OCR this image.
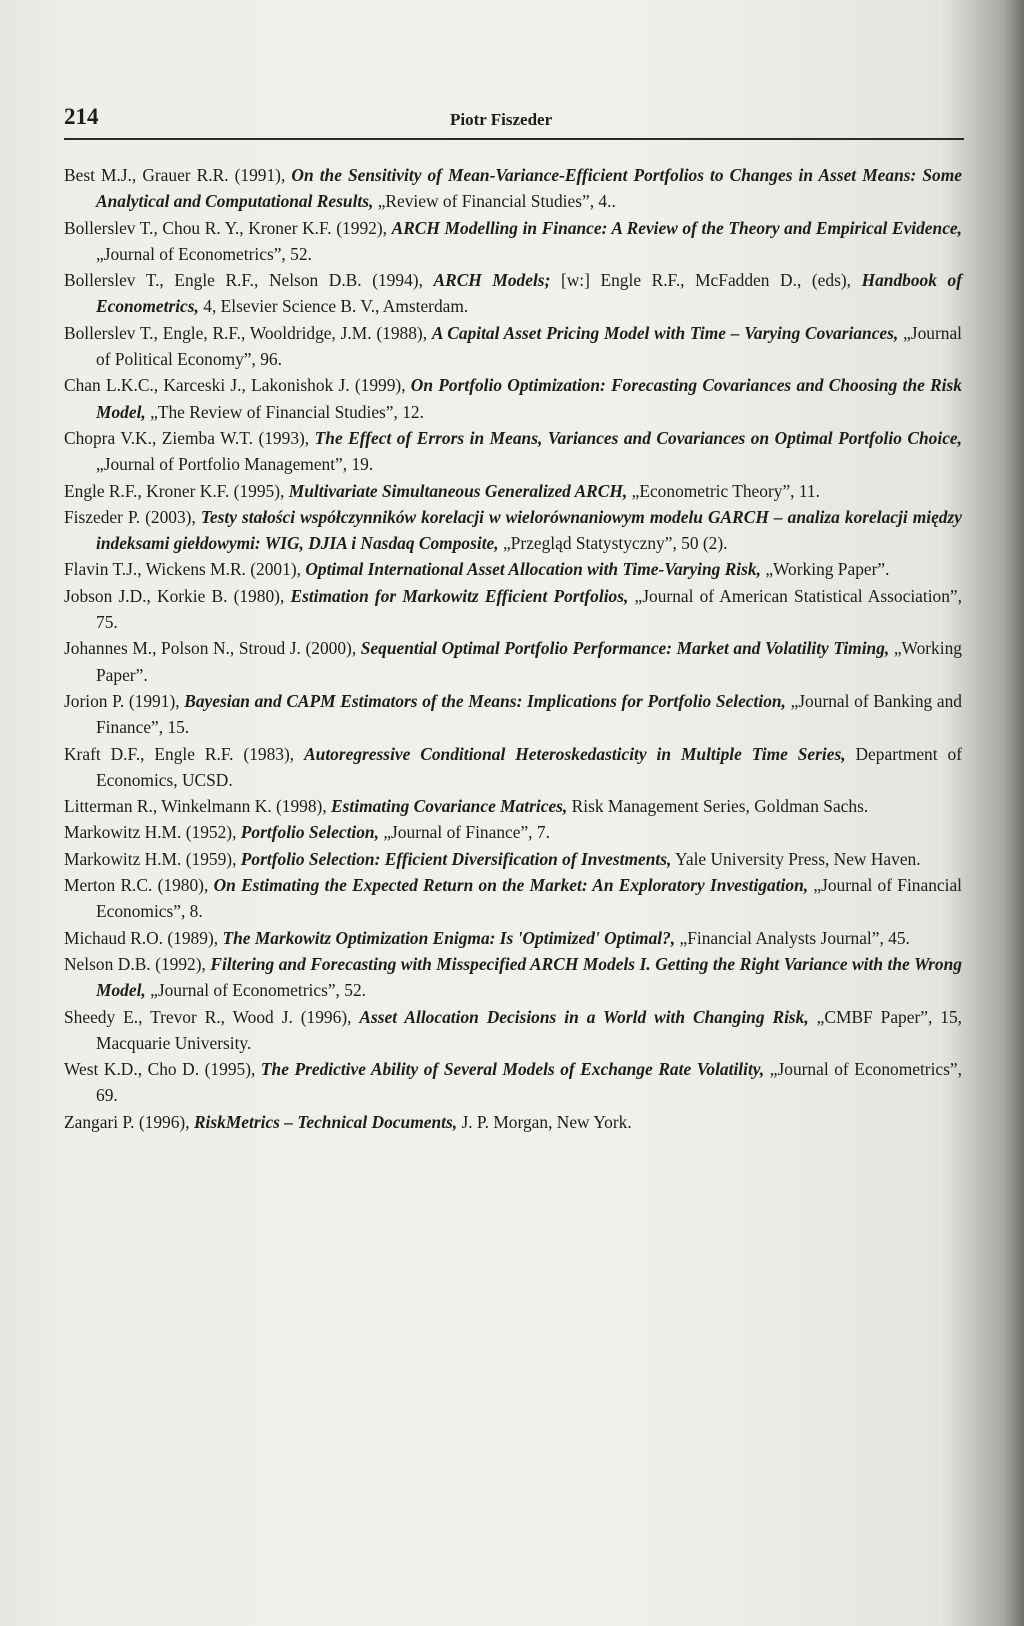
214	Piotr Fiszeder

Best M.J., Grauer R.R. (1991), On the Sensitivity of Mean-Variance-Efficient Portfolios to Changes in Asset Means: Some Analytical and Computational Results, „Review of Financial Studies”, 4..

Bollerslev T., Chou R. Y., Kroner K.F. (1992), ARCH Modelling in Finance: A Review of the Theory and Empirical Evidence, „Journal of Econometrics”, 52.

Bollerslev T., Engle R.F., Nelson D.B. (1994), ARCH Models; [w:] Engle R.F., McFadden D., (eds), Handbook of Econometrics, 4, Elsevier Science B. V., Amsterdam.

Bollerslev T., Engle, R.F., Wooldridge, J.M. (1988), A Capital Asset Pricing Model with Time – Varying Covariances, „Journal of Political Economy”, 96.

Chan L.K.C., Karceski J., Lakonishok J. (1999), On Portfolio Optimization: Forecasting Covariances and Choosing the Risk Model, „The Review of Financial Studies”, 12.

Chopra V.K., Ziemba W.T. (1993), The Effect of Errors in Means, Variances and Covariances on Optimal Portfolio Choice, „Journal of Portfolio Management”, 19.

Engle R.F., Kroner K.F. (1995), Multivariate Simultaneous Generalized ARCH, „Econometric Theory”, 11.

Fiszeder P. (2003), Testy stałości współczynników korelacji w wielorównaniowym modelu GARCH – analiza korelacji między indeksami giełdowymi: WIG, DJIA i Nasdaq Composite, „Przegląd Statystyczny”, 50 (2).

Flavin T.J., Wickens M.R. (2001), Optimal International Asset Allocation with Time-Varying Risk, „Working Paper”.

Jobson J.D., Korkie B. (1980), Estimation for Markowitz Efficient Portfolios, „Journal of American Statistical Association”, 75.

Johannes M., Polson N., Stroud J. (2000), Sequential Optimal Portfolio Performance: Market and Volatility Timing, „Working Paper”.

Jorion P. (1991), Bayesian and CAPM Estimators of the Means: Implications for Portfolio Selection, „Journal of Banking and Finance”, 15.

Kraft D.F., Engle R.F. (1983), Autoregressive Conditional Heteroskedasticity in Multiple Time Series, Department of Economics, UCSD.

Litterman R., Winkelmann K. (1998), Estimating Covariance Matrices, Risk Management Series, Goldman Sachs.

Markowitz H.M. (1952), Portfolio Selection, „Journal of Finance”, 7.

Markowitz H.M. (1959), Portfolio Selection: Efficient Diversification of Investments, Yale University Press, New Haven.

Merton R.C. (1980), On Estimating the Expected Return on the Market: An Exploratory Investigation, „Journal of Financial Economics”, 8.

Michaud R.O. (1989), The Markowitz Optimization Enigma: Is 'Optimized' Optimal?, „Financial Analysts Journal”, 45.

Nelson D.B. (1992), Filtering and Forecasting with Misspecified ARCH Models I. Getting the Right Variance with the Wrong Model, „Journal of Econometrics”, 52.

Sheedy E., Trevor R., Wood J. (1996), Asset Allocation Decisions in a World with Changing Risk, „CMBF Paper”, 15, Macquarie University.

West K.D., Cho D. (1995), The Predictive Ability of Several Models of Exchange Rate Volatility, „Journal of Econometrics”, 69.

Zangari P. (1996), RiskMetrics – Technical Documents, J. P. Morgan, New York.
